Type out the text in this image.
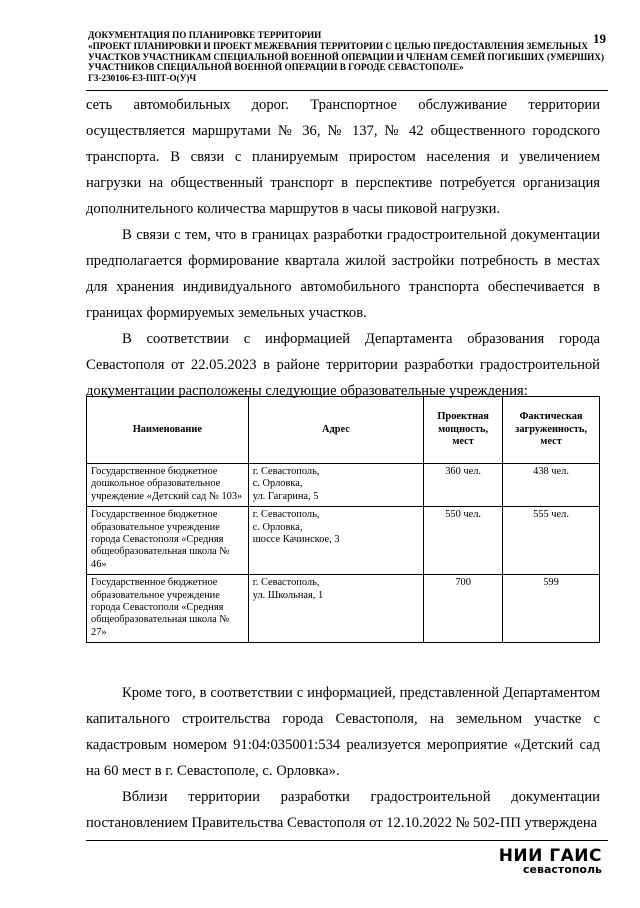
ДОКУМЕНТАЦИЯ ПО ПЛАНИРОВКЕ ТЕРРИТОРИИ
«ПРОЕКТ ПЛАНИРОВКИ И ПРОЕКТ МЕЖЕВАНИЯ ТЕРРИТОРИИ С ЦЕЛЬЮ ПРЕДОСТАВЛЕНИЯ ЗЕМЕЛЬНЫХ
УЧАСТКОВ УЧАСТНИКАМ СПЕЦИАЛЬНОЙ ВОЕННОЙ ОПЕРАЦИИ И ЧЛЕНАМ СЕМЕЙ ПОГИБШИХ (УМЕРШИХ)
УЧАСТНИКОВ СПЕЦИАЛЬНОЙ ВОЕННОЙ ОПЕРАЦИИ В ГОРОДЕ СЕВАСТОПОЛЕ»
Г3-230106-Е3-ППТ-О(У)Ч
19

сеть автомобильных дорог. Транспортное обслуживание территории осуществляется маршрутами № 36, № 137, № 42 общественного городского транспорта. В связи с планируемым приростом населения и увеличением нагрузки на общественный транспорт в перспективе потребуется организация дополнительного количества маршрутов в часы пиковой нагрузки.

В связи с тем, что в границах разработки градостроительной документации предполагается формирование квартала жилой застройки потребность в местах для хранения индивидуального автомобильного транспорта обеспечивается в границах формируемых земельных участков.

В соответствии с информацией Департамента образования города Севастополя от 22.05.2023 в районе территории разработки градостроительной документации расположены следующие образовательные учреждения:

Наименование	Адрес	Проектная мощность, мест	Фактическая загруженность, мест
Государственное бюджетное дошкольное образовательное учреждение «Детский сад № 103»	г. Севастополь,
с. Орловка,
ул. Гагарина, 5	360 чел.	438 чел.
Государственное бюджетное образовательное учреждение города Севастополя «Средняя общеобразовательная школа № 46»	г. Севастополь,
с. Орловка,
шоссе Качинское, 3	550 чел.	555 чел.
Государственное бюджетное образовательное учреждение города Севастополя «Средняя общеобразовательная школа № 27»	г. Севастополь,
ул. Школьная, 1	700	599

Кроме того, в соответствии с информацией, представленной Департаментом капитального строительства города Севастополя, на земельном участке с кадастровым номером 91:04:035001:534 реализуется мероприятие «Детский сад на 60 мест в г. Севастополе, с. Орловка».

Вблизи территории разработки градостроительной документации постановлением Правительства Севастополя от 12.10.2022 № 502-ПП утверждена

НИИ ГАИС
севастополь
